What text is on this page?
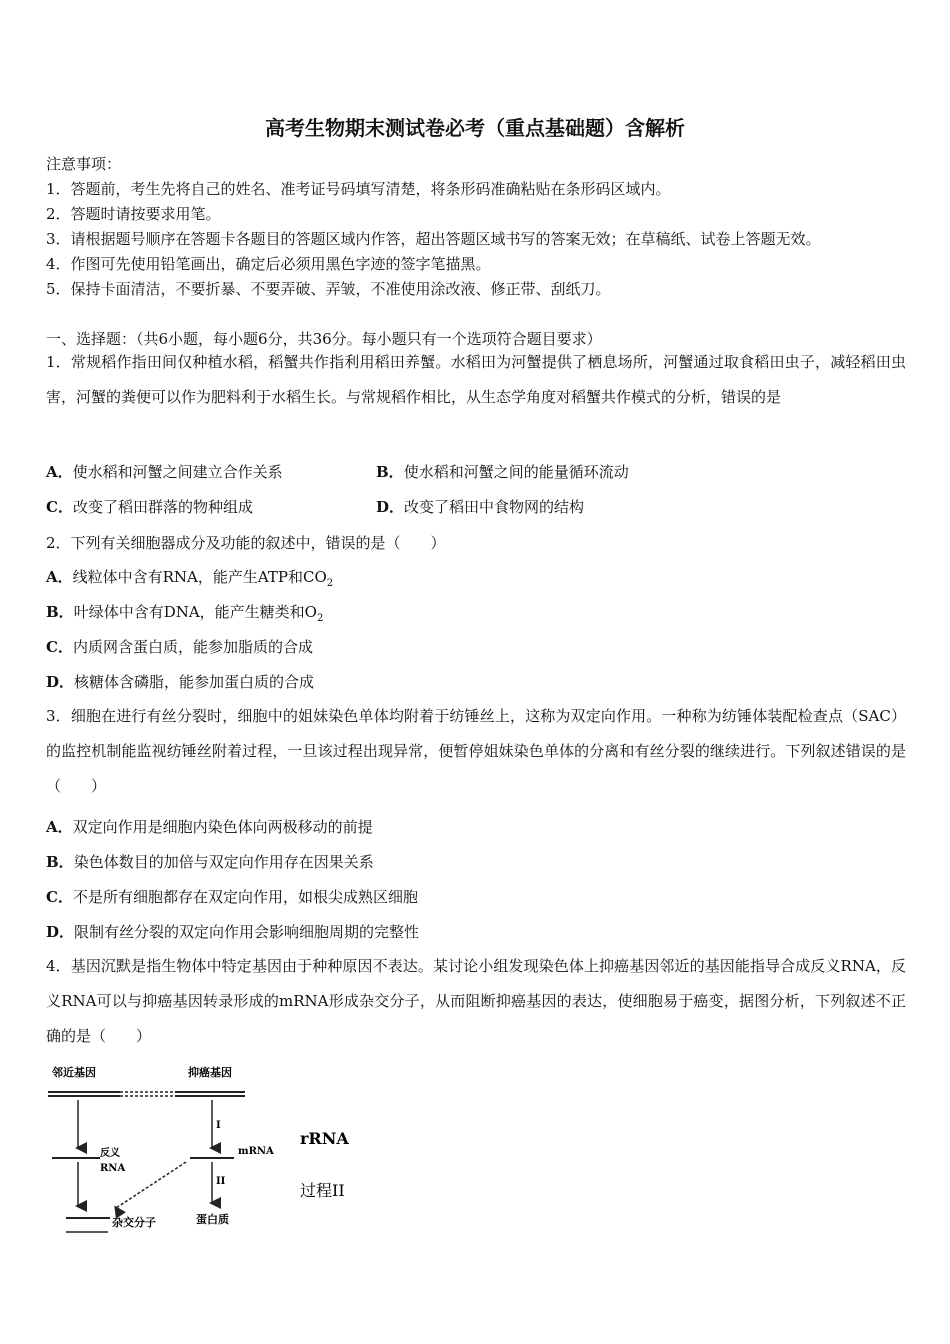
高考生物期末测试卷必考（重点基础题）含解析
注意事项：
1．答题前，考生先将自己的姓名、准考证号码填写清楚，将条形码准确粘贴在条形码区域内。
2．答题时请按要求用笔。
3．请根据题号顺序在答题卡各题目的答题区域内作答，超出答题区域书写的答案无效；在草稿纸、试卷上答题无效。
4．作图可先使用铅笔画出，确定后必须用黑色字迹的签字笔描黑。
5．保持卡面清洁，不要折暴、不要弄破、弄皱，不准使用涂改液、修正带、刮纸刀。
一、选择题：（共6小题，每小题6分，共36分。每小题只有一个选项符合题目要求）
1．常规稻作指田间仅种植水稻，稻蟹共作指利用稻田养蟹。水稻田为河蟹提供了栖息场所，河蟹通过取食稻田虫子，减轻稻田虫害，河蟹的粪便可以作为肥料利于水稻生长。与常规稻作相比，从生态学角度对稻蟹共作模式的分析，错误的是
A．使水稻和河蟹之间建立合作关系	B．使水稻和河蟹之间的能量循环流动
C．改变了稻田群落的物种组成	D．改变了稻田中食物网的结构
2．下列有关细胞器成分及功能的叙述中，错误的是（　　）
A．线粒体中含有RNA，能产生ATP和$CO_2$
B．叶绿体中含有DNA，能产生糖类和$O_2$
C．内质网含蛋白质，能参加脂质的合成
D．核糖体含磷脂，能参加蛋白质的合成
3．细胞在进行有丝分裂时，细胞中的姐妹染色单体均附着于纺锤丝上，这称为双定向作用。一种称为纺锤体装配检查点（SAC）的监控机制能监视纺锤丝附着过程，一旦该过程出现异常，便暂停姐妹染色单体的分离和有丝分裂的继续进行。下列叙述错误的是（　　）
A．双定向作用是细胞内染色体向两极移动的前提
B．染色体数目的加倍与双定向作用存在因果关系
C．不是所有细胞都存在双定向作用，如根尖成熟区细胞
D．限制有丝分裂的双定向作用会影响细胞周期的完整性
4．基因沉默是指生物体中特定基因由于种种原因不表达。某讨论小组发现染色体上抑癌基因邻近的基因能指导合成反义RNA，反义RNA可以与抑癌基因转录形成的mRNA形成杂交分子，从而阻断抑癌基因的表达，使细胞易于癌变，据图分析，下列叙述不正确的是（　　）
邻近基因	抑癌基因
反义
RNA
杂交分子
I
mRNA
II
蛋白质
rRNA
过程II
